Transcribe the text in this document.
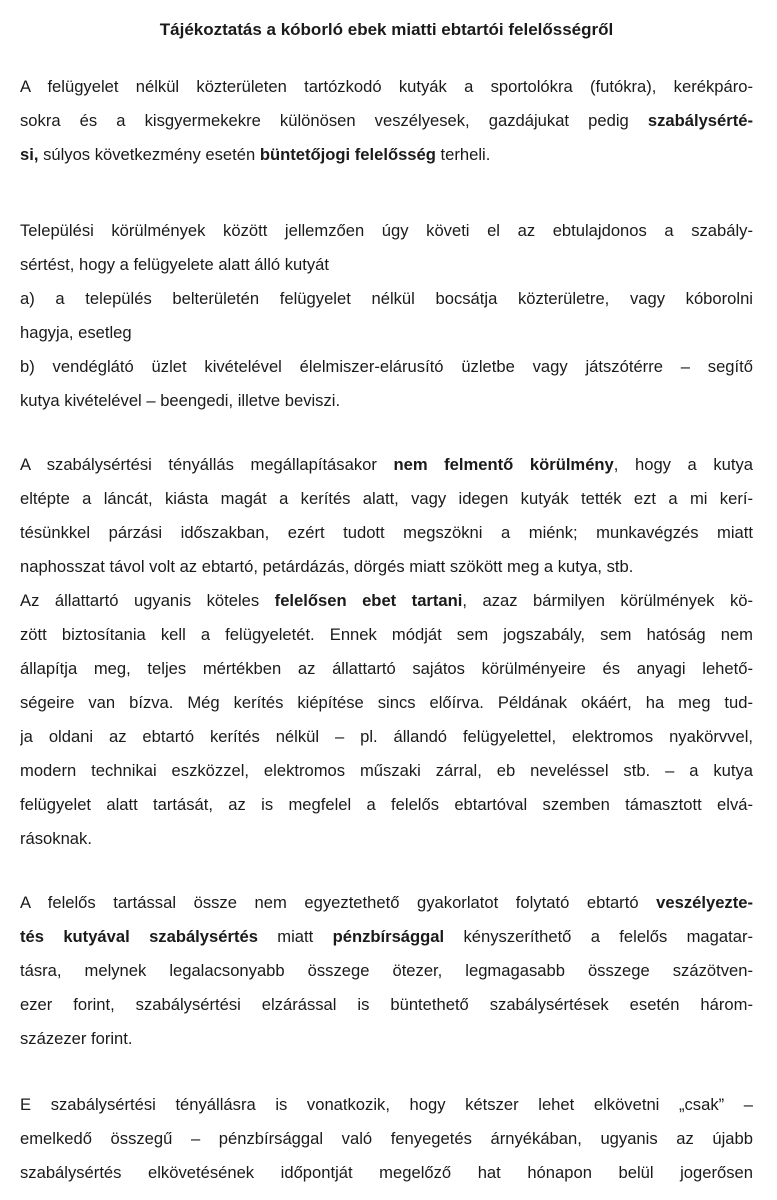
Tájékoztatás a kóborló ebek miatti ebtartói felelősségről
A felügyelet nélkül közterületen tartózkodó kutyák a sportolókra (futókra), kerékpáro-
sokra és a kisgyermekekre különösen veszélyesek, gazdájukat pedig szabálysérté-
si, súlyos következmény esetén büntetőjogi felelősség terheli.
Települési körülmények között jellemzően úgy követi el az ebtulajdonos a szabály-
sértést, hogy a felügyelete alatt álló kutyát
a) a település belterületén felügyelet nélkül bocsátja közterületre, vagy kóborolni
hagyja, esetleg
b) vendéglátó üzlet kivételével élelmiszer-elárusító üzletbe vagy játszótérre – segítő
kutya kivételével – beengedi, illetve beviszi.
A szabálysértési tényállás megállapításakor nem felmentő körülmény, hogy a kutya
eltépte a láncát, kiásta magát a kerítés alatt, vagy idegen kutyák tették ezt a mi kerí-
tésünkkel párzási időszakban, ezért tudott megszökni a miénk; munkavégzés miatt
naphosszat távol volt az ebtartó, petárdázás, dörgés miatt szökött meg a kutya, stb.
Az állattartó ugyanis köteles felelősen ebet tartani, azaz bármilyen körülmények kö-
zött biztosítania kell a felügyeletét. Ennek módját sem jogszabály, sem hatóság nem
állapítja meg, teljes mértékben az állattartó sajátos körülményeire és anyagi lehető-
ségeire van bízva. Még kerítés kiépítése sincs előírva. Példának okáért, ha meg tud-
ja oldani az ebtartó kerítés nélkül – pl. állandó felügyelettel, elektromos nyakörvvel,
modern technikai eszközzel, elektromos műszaki zárral, eb neveléssel stb. – a kutya
felügyelet alatt tartását, az is megfelel a felelős ebtartóval szemben támasztott elvá-
rásoknak.
A felelős tartással össze nem egyeztethető gyakorlatot folytató ebtartó veszélyezte-
tés kutyával szabálysértés miatt pénzbírsággal kényszeríthető a felelős magatar-
tásra, melynek legalacsonyabb összege ötezer, legmagasabb összege százötven-
ezer forint, szabálysértési elzárással is büntethető szabálysértések esetén három-
százezer forint.
E szabálysértési tényállásra is vonatkozik, hogy kétszer lehet elkövetni „csak” –
emelkedő összegű – pénzbírsággal való fenyegetés árnyékában, ugyanis az újabb
szabálysértés elkövetésének időpontját megelőző hat hónapon belül jogerősen
